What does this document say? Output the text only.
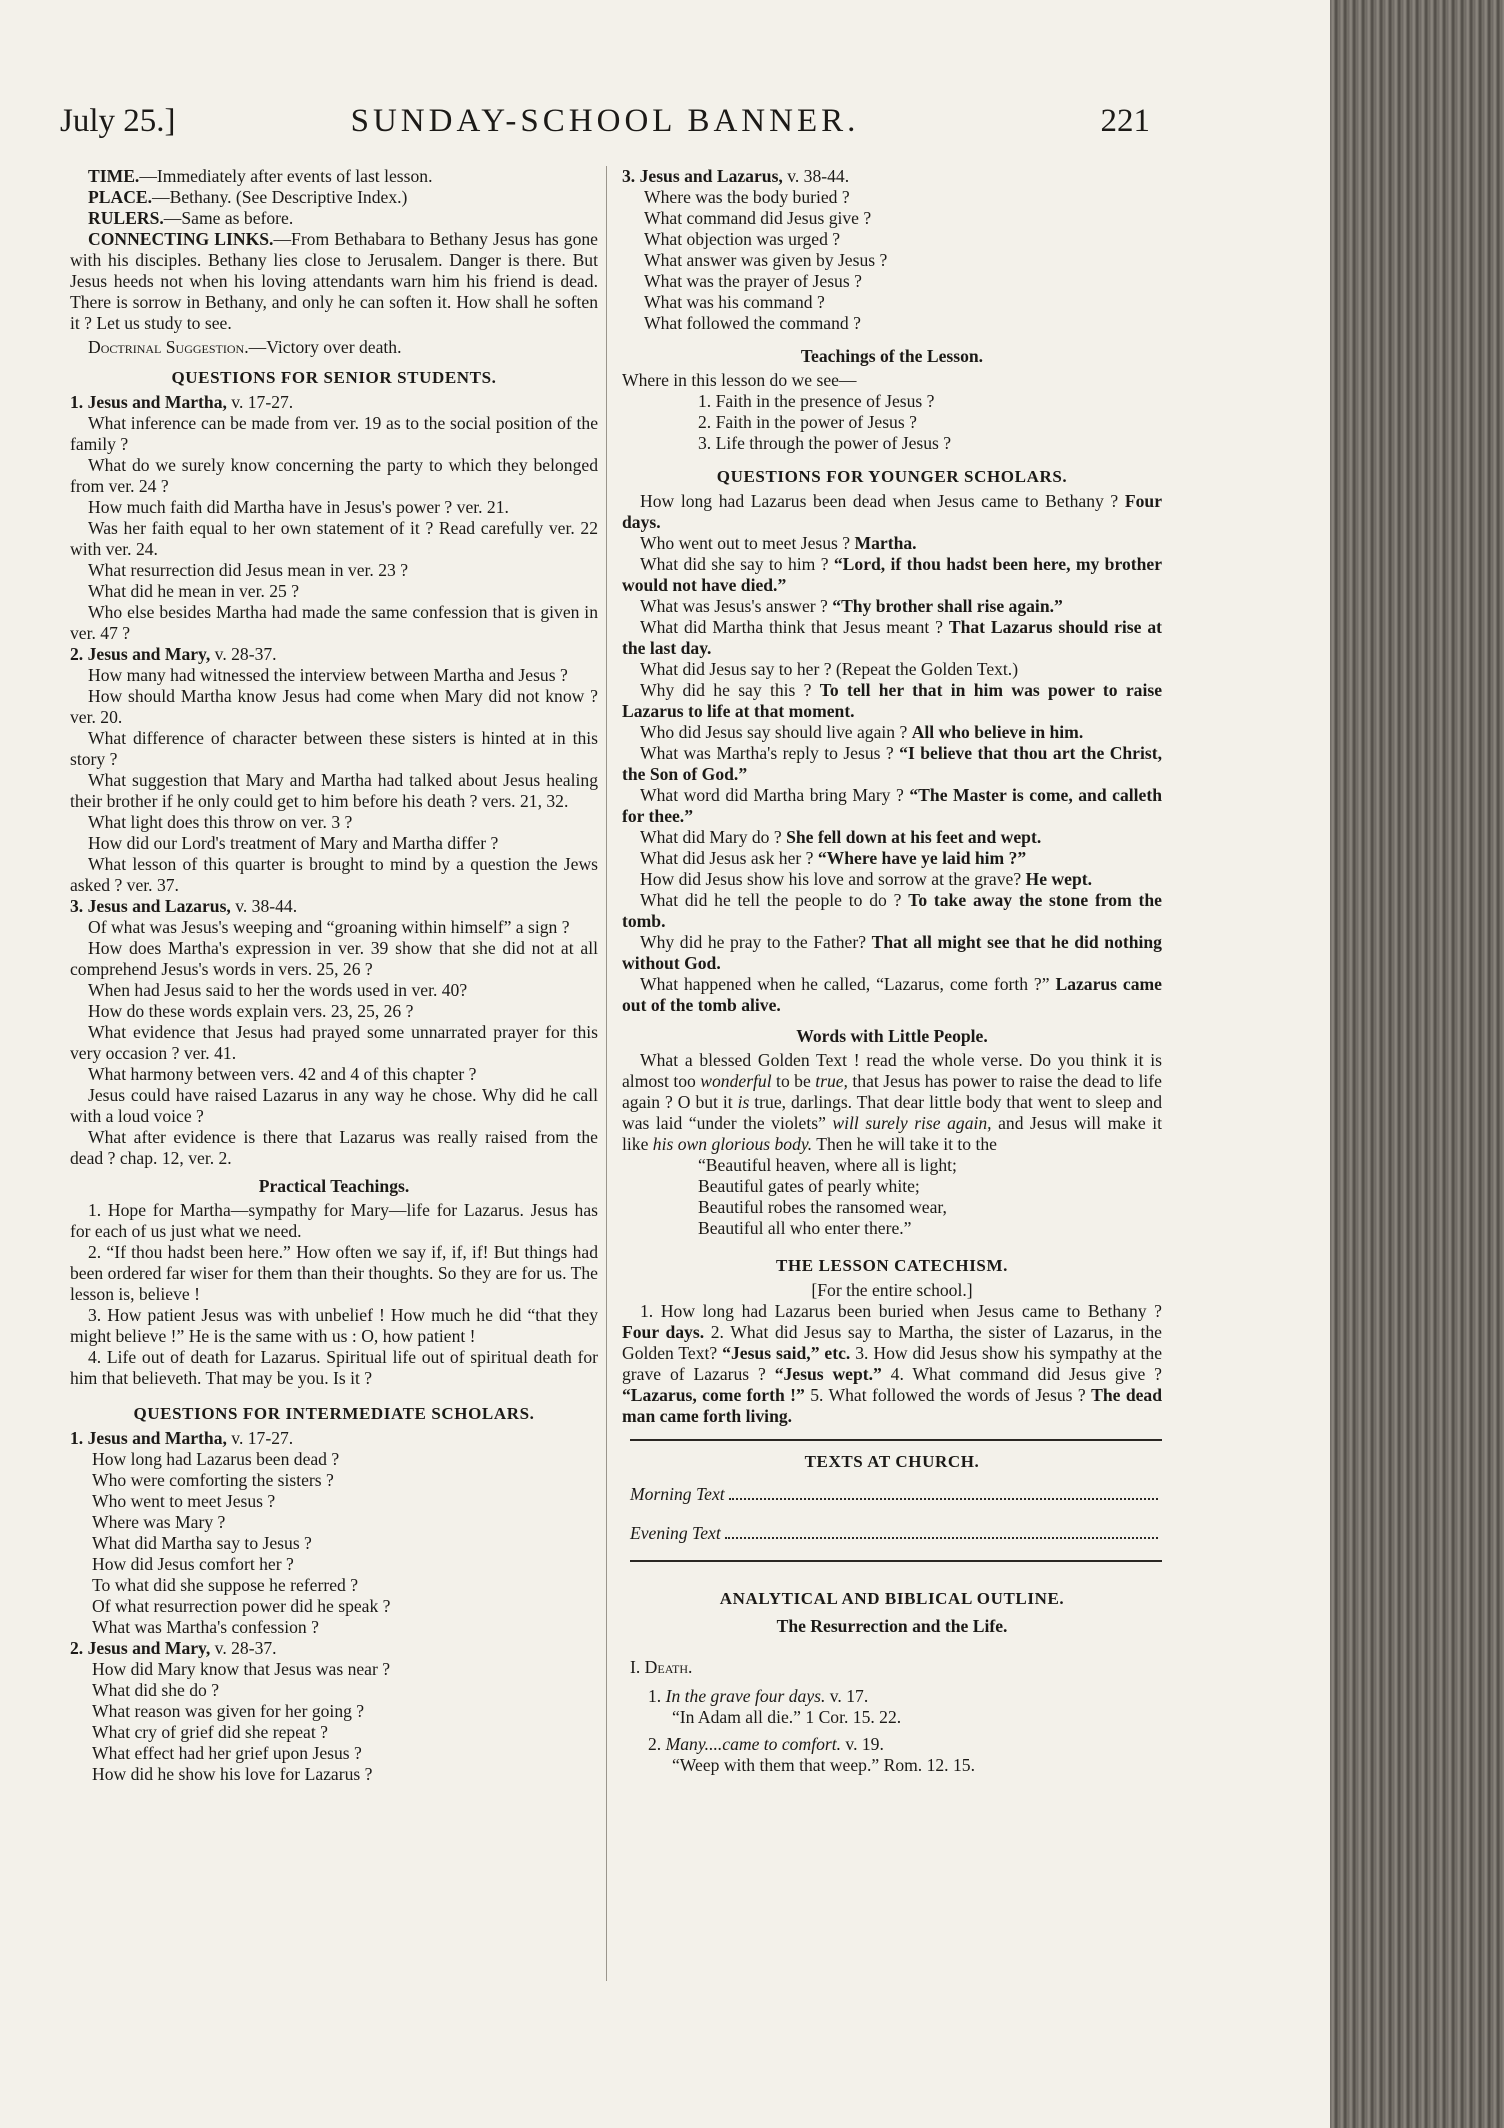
SUNDAY-SCHOOL BANNER.
July 25.]	221

TIME.—Immediately after events of last lesson.

PLACE.—Bethany. (See Descriptive Index.)

RULERS.—Same as before.

CONNECTING LINKS.—From Bethabara to Bethany Jesus has gone with his disciples. Bethany lies close to Jerusalem. Danger is there. But Jesus heeds not when his loving attendants warn him his friend is dead. There is sorrow in Bethany, and only he can soften it. How shall he soften it ? Let us study to see.

Doctrinal Suggestion.—Victory over death.

QUESTIONS FOR SENIOR STUDENTS.

1. Jesus and Martha, v. 17-27.

What inference can be made from ver. 19 as to the social position of the family ?

What do we surely know concerning the party to which they belonged from ver. 24 ?

How much faith did Martha have in Jesus's power ? ver. 21.

Was her faith equal to her own statement of it ? Read carefully ver. 22 with ver. 24.

What resurrection did Jesus mean in ver. 23 ?

What did he mean in ver. 25 ?

Who else besides Martha had made the same confession that is given in ver. 47 ?

2. Jesus and Mary, v. 28-37.

How many had witnessed the interview between Martha and Jesus ?

How should Martha know Jesus had come when Mary did not know ? ver. 20.

What difference of character between these sisters is hinted at in this story ?

What suggestion that Mary and Martha had talked about Jesus healing their brother if he only could get to him before his death ? vers. 21, 32.

What light does this throw on ver. 3 ?

How did our Lord's treatment of Mary and Martha differ ?

What lesson of this quarter is brought to mind by a question the Jews asked ? ver. 37.

3. Jesus and Lazarus, v. 38-44.

Of what was Jesus's weeping and “groaning within himself” a sign ?

How does Martha's expression in ver. 39 show that she did not at all comprehend Jesus's words in vers. 25, 26 ?

When had Jesus said to her the words used in ver. 40?

How do these words explain vers. 23, 25, 26 ?

What evidence that Jesus had prayed some unnarrated prayer for this very occasion ? ver. 41.

What harmony between vers. 42 and 4 of this chapter ?

Jesus could have raised Lazarus in any way he chose. Why did he call with a loud voice ?

What after evidence is there that Lazarus was really raised from the dead ? chap. 12, ver. 2.

Practical Teachings.

1. Hope for Martha—sympathy for Mary—life for Lazarus. Jesus has for each of us just what we need.

2. “If thou hadst been here.” How often we say if, if, if! But things had been ordered far wiser for them than their thoughts. So they are for us. The lesson is, believe !

3. How patient Jesus was with unbelief ! How much he did “that they might believe !” He is the same with us : O, how patient !

4. Life out of death for Lazarus. Spiritual life out of spiritual death for him that believeth. That may be you. Is it ?

QUESTIONS FOR INTERMEDIATE SCHOLARS.

1. Jesus and Martha, v. 17-27.

How long had Lazarus been dead ?

Who were comforting the sisters ?

Who went to meet Jesus ?

Where was Mary ?

What did Martha say to Jesus ?

How did Jesus comfort her ?

To what did she suppose he referred ?

Of what resurrection power did he speak ?

What was Martha's confession ?

2. Jesus and Mary, v. 28-37.

How did Mary know that Jesus was near ?

What did she do ?

What reason was given for her going ?

What cry of grief did she repeat ?

What effect had her grief upon Jesus ?

How did he show his love for Lazarus ?

3. Jesus and Lazarus, v. 38-44.

Where was the body buried ?

What command did Jesus give ?

What objection was urged ?

What answer was given by Jesus ?

What was the prayer of Jesus ?

What was his command ?

What followed the command ?

Teachings of the Lesson.

Where in this lesson do we see—

1. Faith in the presence of Jesus ?

2. Faith in the power of Jesus ?

3. Life through the power of Jesus ?

QUESTIONS FOR YOUNGER SCHOLARS.

How long had Lazarus been dead when Jesus came to Bethany ? Four days.

Who went out to meet Jesus ? Martha.

What did she say to him ? “Lord, if thou hadst been here, my brother would not have died.”

What was Jesus's answer ? “Thy brother shall rise again.”

What did Martha think that Jesus meant ? That Lazarus should rise at the last day.

What did Jesus say to her ? (Repeat the Golden Text.)

Why did he say this ? To tell her that in him was power to raise Lazarus to life at that moment.

Who did Jesus say should live again ? All who believe in him.

What was Martha's reply to Jesus ? “I believe that thou art the Christ, the Son of God.”

What word did Martha bring Mary ? “The Master is come, and calleth for thee.”

What did Mary do ? She fell down at his feet and wept.

What did Jesus ask her ? “Where have ye laid him ?”

How did Jesus show his love and sorrow at the grave? He wept.

What did he tell the people to do ? To take away the stone from the tomb.

Why did he pray to the Father? That all might see that he did nothing without God.

What happened when he called, “Lazarus, come forth ?” Lazarus came out of the tomb alive.

Words with Little People.

What a blessed Golden Text ! read the whole verse. Do you think it is almost too wonderful to be true, that Jesus has power to raise the dead to life again ? O but it is true, darlings. That dear little body that went to sleep and was laid “under the violets” will surely rise again, and Jesus will make it like his own glorious body. Then he will take it to the

“Beautiful heaven, where all is light;
Beautiful gates of pearly white;
Beautiful robes the ransomed wear,
Beautiful all who enter there.”
THE LESSON CATECHISM.
[For the entire school.]

1. How long had Lazarus been buried when Jesus came to Bethany ? Four days. 2. What did Jesus say to Martha, the sister of Lazarus, in the Golden Text? “Jesus said,” etc. 3. How did Jesus show his sympathy at the grave of Lazarus ? “Jesus wept.” 4. What command did Jesus give ? “Lazarus, come forth !” 5. What followed the words of Jesus ? The dead man came forth living.

TEXTS AT CHURCH.
Morning Text
Evening Text
ANALYTICAL AND BIBLICAL OUTLINE.
The Resurrection and the Life.
I. Death.

1. In the grave four days. v. 17.

“In Adam all die.” 1 Cor. 15. 22.

2. Many....came to comfort. v. 19.

“Weep with them that weep.” Rom. 12. 15.
